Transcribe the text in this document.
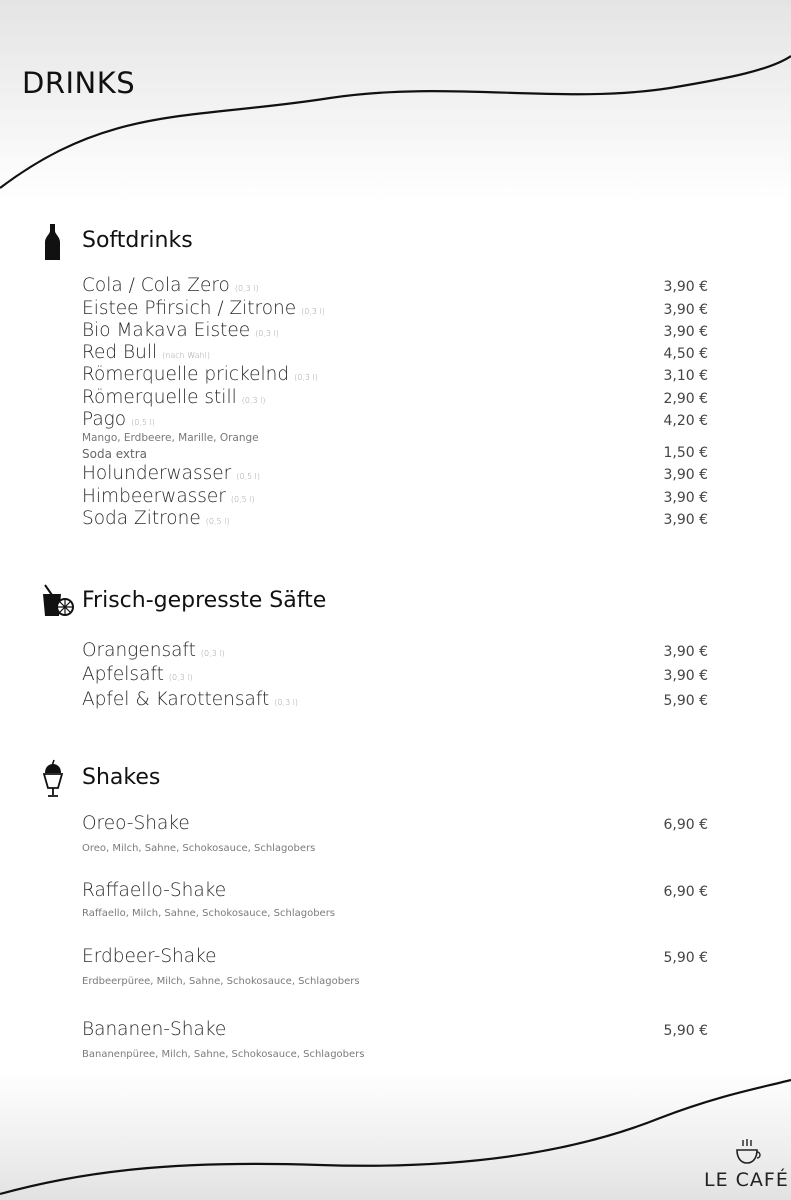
DRINKS
Softdrinks
Cola / Cola Zero (0,3 l)	3,90 €
Eistee Pfirsich / Zitrone (0,3 l)	3,90 €
Bio Makava Eistee (0,3 l)	3,90 €
Red Bull (nach Wahl)	4,50 €
Römerquelle prickelnd (0,3 l)	3,10 €
Römerquelle still (0,3 l)	2,90 €
Pago (0,5 l)	4,20 €
Mango, Erdbeere, Marille, Orange
Soda extra	1,50 €
Holunderwasser (0,5 l)	3,90 €
Himbeerwasser (0,5 l)	3,90 €
Soda Zitrone (0,5 l)	3,90 €
Frisch-gepresste Säfte
Orangensaft (0,3 l)	3,90 €
Apfelsaft (0,3 l)	3,90 €
Apfel & Karottensaft (0,3 l)	5,90 €
Shakes
Oreo-Shake	6,90 €
Oreo, Milch, Sahne, Schokosauce, Schlagobers
Raffaello-Shake	6,90 €
Raffaello, Milch, Sahne, Schokosauce, Schlagobers
Erdbeer-Shake	5,90 €
Erdbeerpüree, Milch, Sahne, Schokosauce, Schlagobers
Bananen-Shake	5,90 €
Bananenpüree, Milch, Sahne, Schokosauce, Schlagobers
LE CAFÉ
